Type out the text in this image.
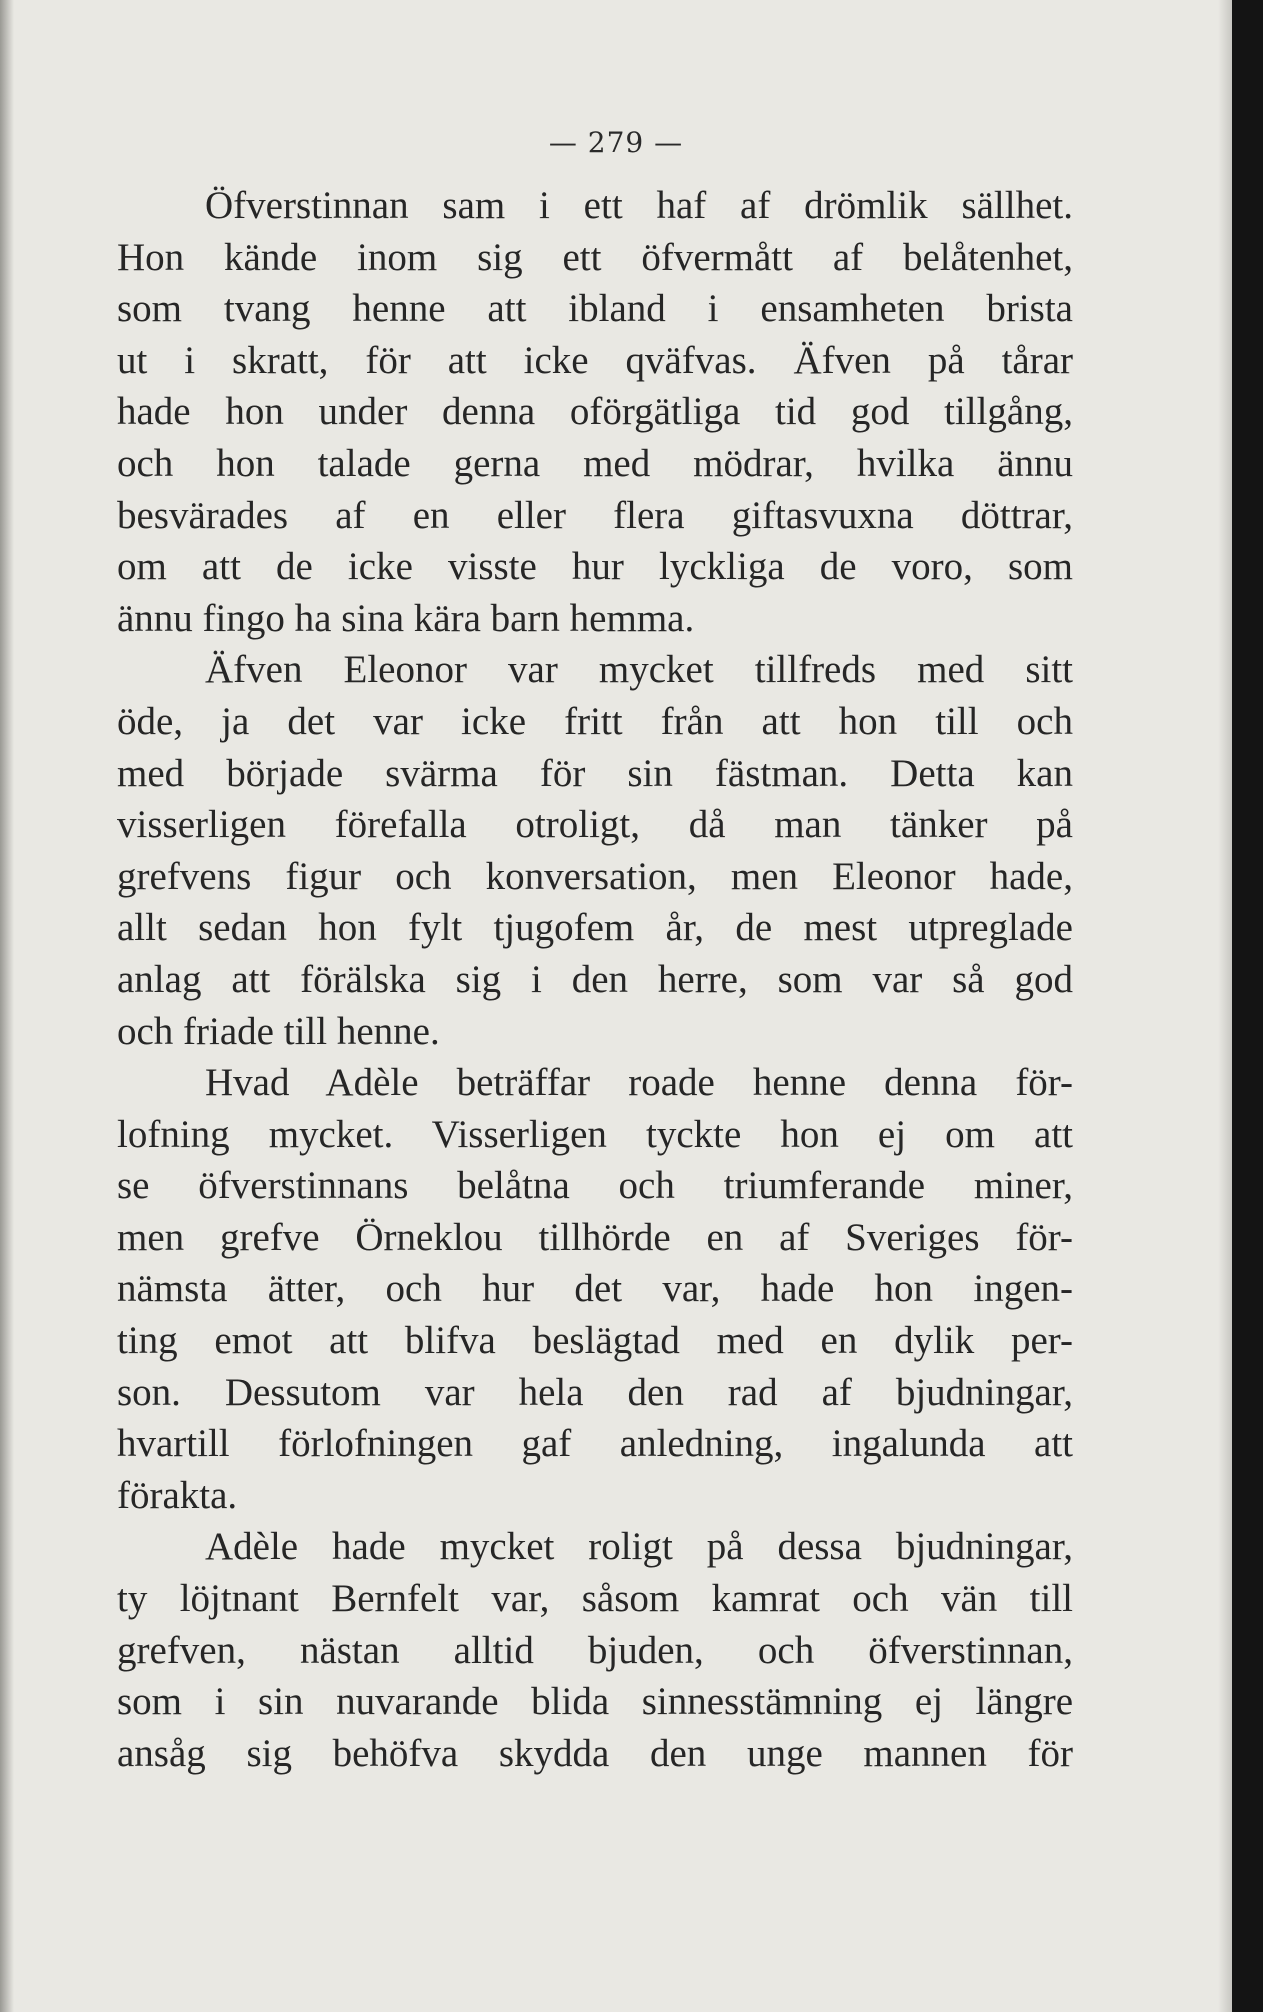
— 279 —
Öfverstinnan sam i ett haf af drömlik sällhet.
Hon kände inom sig ett öfvermått af belåtenhet,
som tvang henne att ibland i ensamheten brista
ut i skratt, för att icke qväfvas. Äfven på tårar
hade hon under denna oförgätliga tid god tillgång,
och hon talade gerna med mödrar, hvilka ännu
besvärades af en eller flera giftasvuxna döttrar,
om att de icke visste hur lyckliga de voro, som
ännu fingo ha sina kära barn hemma.
Äfven Eleonor var mycket tillfreds med sitt
öde, ja det var icke fritt från att hon till och
med började svärma för sin fästman. Detta kan
visserligen förefalla otroligt, då man tänker på
grefvens figur och konversation, men Eleonor hade,
allt sedan hon fylt tjugofem år, de mest utpreglade
anlag att förälska sig i den herre, som var så god
och friade till henne.
Hvad Adèle beträffar roade henne denna för-
lofning mycket. Visserligen tyckte hon ej om att
se öfverstinnans belåtna och triumferande miner,
men grefve Örneklou tillhörde en af Sveriges för-
nämsta ätter, och hur det var, hade hon ingen-
ting emot att blifva beslägtad med en dylik per-
son. Dessutom var hela den rad af bjudningar,
hvartill förlofningen gaf anledning, ingalunda att
förakta.
Adèle hade mycket roligt på dessa bjudningar,
ty löjtnant Bernfelt var, såsom kamrat och vän till
grefven, nästan alltid bjuden, och öfverstinnan,
som i sin nuvarande blida sinnesstämning ej längre
ansåg sig behöfva skydda den unge mannen för
